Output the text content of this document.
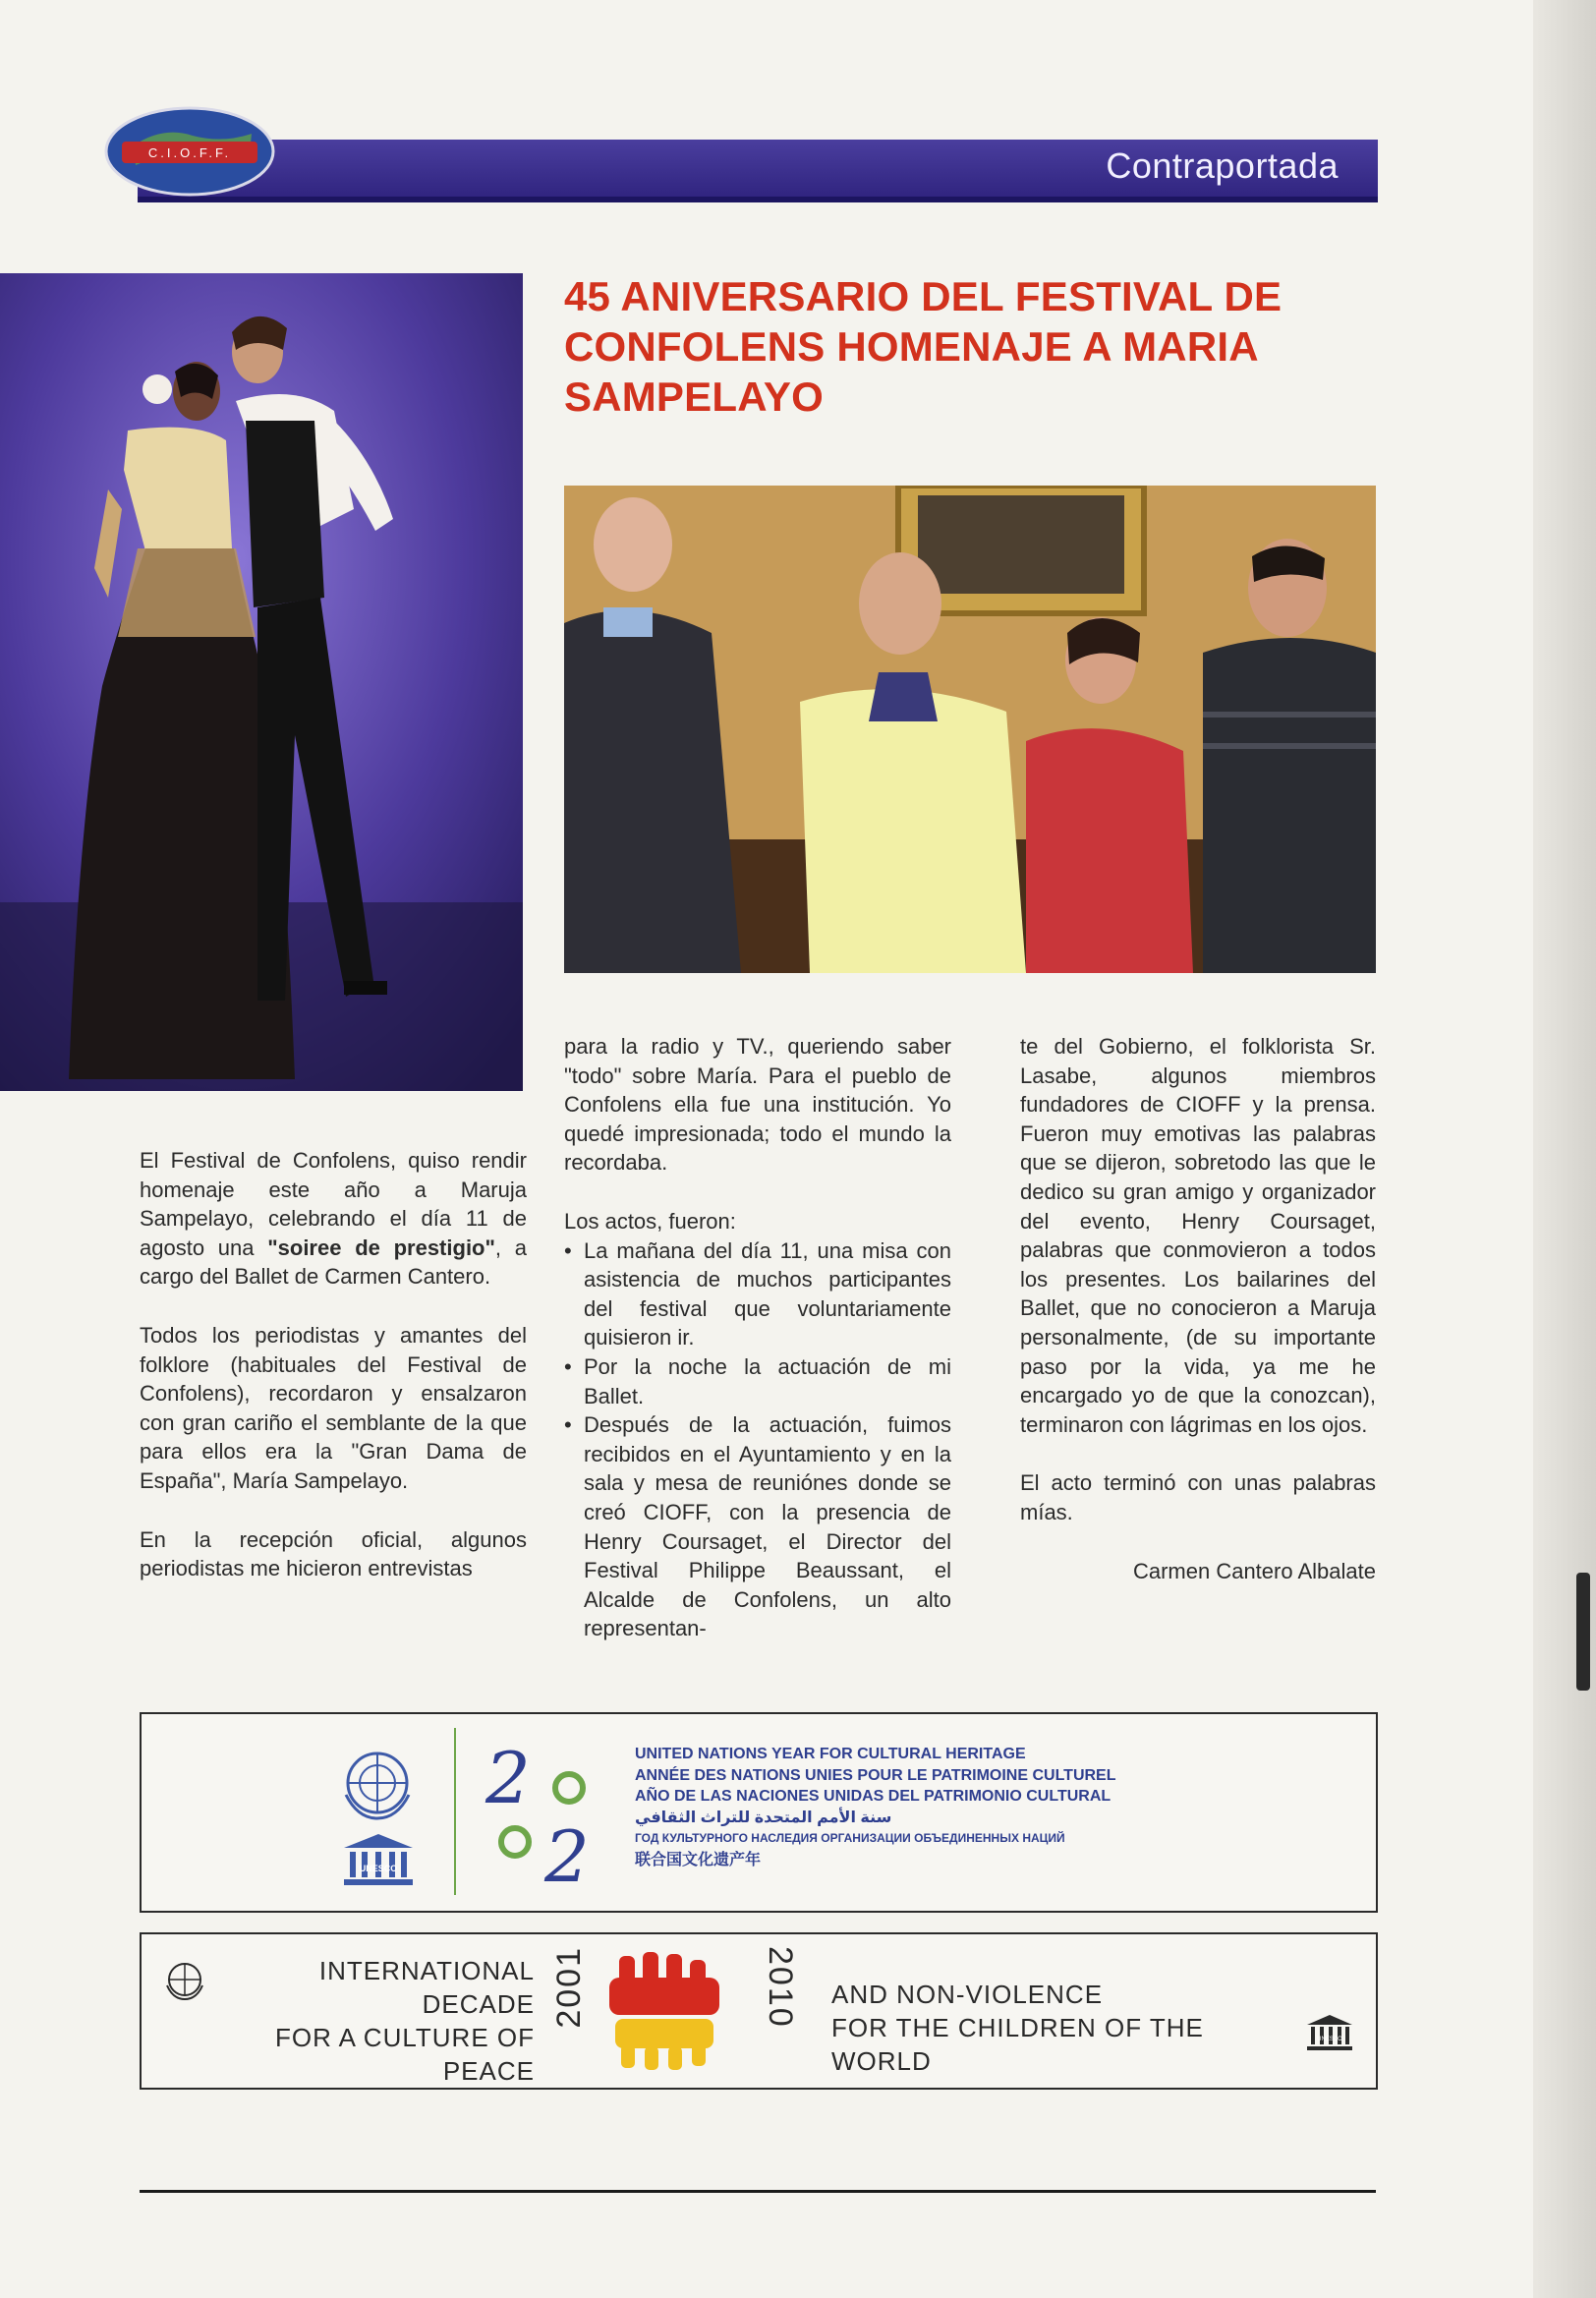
Contraportada
C.I.O.F.F.
45 ANIVERSARIO DEL FESTIVAL DE CONFOLENS HOMENAJE A MARIA SAMPELAYO

El Festival de Confolens, quiso rendir homenaje este año a Maruja Sampelayo, celebrando el día 11 de agosto una "soiree de prestigio", a cargo del Ballet de Carmen Cantero.

Todos los periodistas y amantes del folklore (habituales del Festival de Confolens), recordaron y ensalzaron con gran cariño el semblante de la que para ellos era la "Gran Dama de España", María Sampelayo.

En la recepción oficial, algunos periodistas me hicieron entrevistas

para la radio y TV., queriendo saber "todo" sobre María. Para el pueblo de Confolens ella fue una institución. Yo quedé impresionada; todo el mundo la recordaba.

Los actos, fueron:

• La mañana del día 11, una misa con asistencia de muchos participantes del festival que voluntariamente quisieron ir.
• Por la noche la actuación de mi Ballet.
• Después de la actuación, fuimos recibidos en el Ayuntamiento y en la sala y mesa de reuniónes donde se creó CIOFF, con la presencia de Henry Coursaget, el Director del Festival Philippe Beaussant, el Alcalde de Confolens, un alto representan-

te del Gobierno, el folklorista Sr. Lasabe, algunos miembros fundadores de CIOFF y la prensa. Fueron muy emotivas las palabras que se dijeron, sobretodo las que le dedico su gran amigo y organizador del evento, Henry Coursaget, palabras que conmovieron a todos los presentes. Los bailarines del Ballet, que no conocieron a Maruja personalmente, (de su importante paso por la vida, ya me he encargado yo de que la conozcan), terminaron con lágrimas en los ojos.

El acto terminó con unas palabras mías.

Carmen Cantero Albalate
UNESCO
2
2
2002
UNITED NATIONS YEAR FOR CULTURAL HERITAGE
ANNÉE DES NATIONS UNIES POUR LE PATRIMOINE CULTUREL
AÑO DE LAS NACIONES UNIDAS DEL PATRIMONIO CULTURAL
سنة الأمم المتحدة للتراث الثقافي
ГОД КУЛЬТУРНОГО НАСЛЕДИЯ ОРГАНИЗАЦИИ ОБЪЕДИНЕННЫХ НАЦИЙ
联合国文化遗产年
INTERNATIONAL DECADE
FOR A CULTURE OF PEACE
2001	2010 AND NON-VIOLENCE
FOR THE CHILDREN OF THE WORLD
UNESCO
